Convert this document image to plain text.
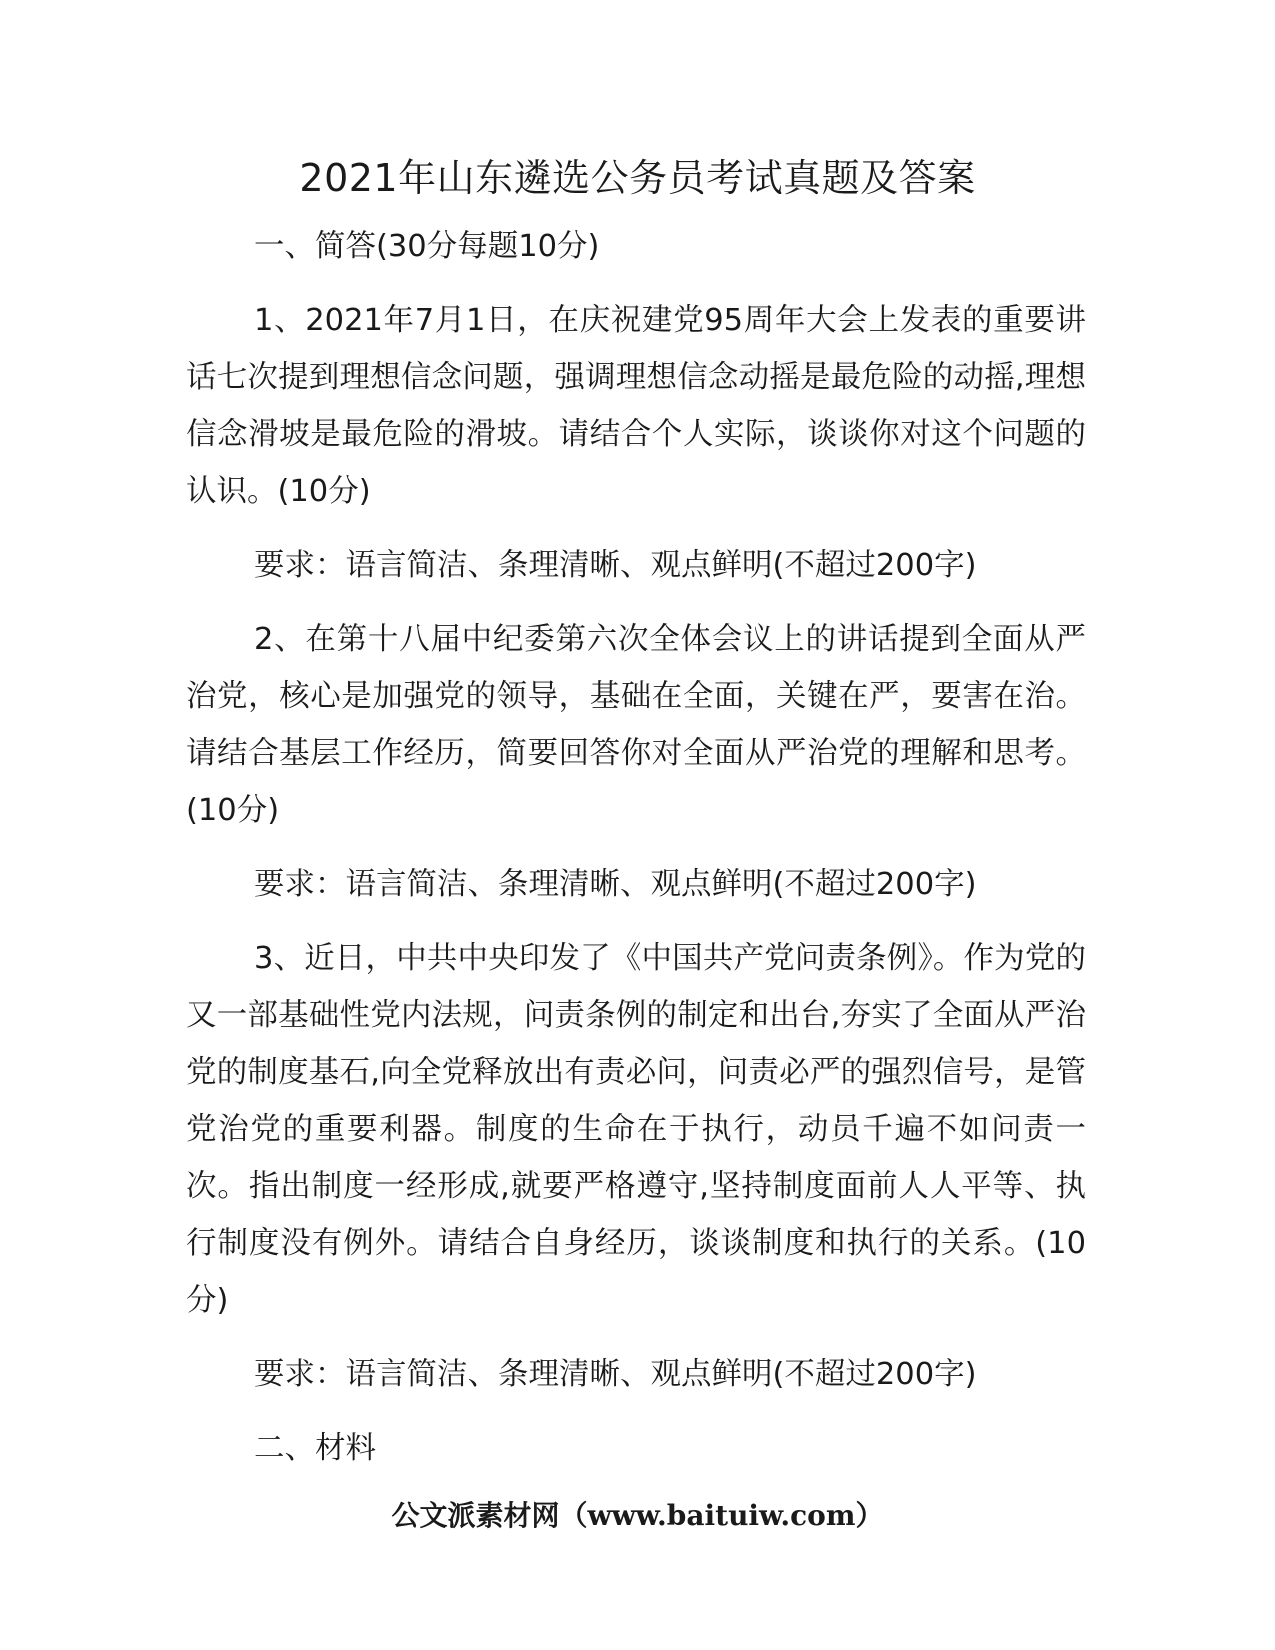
2021年山东遴选公务员考试真题及答案

一、简答(30分每题10分)

1、2021年7月1日，在庆祝建党95周年大会上发表的重要讲话七次提到理想信念问题，强调理想信念动摇是最危险的动摇,理想信念滑坡是最危险的滑坡。请结合个人实际，谈谈你对这个问题的认识。(10分)

要求：语言简洁、条理清晰、观点鲜明(不超过200字)

2、在第十八届中纪委第六次全体会议上的讲话提到全面从严治党，核心是加强党的领导，基础在全面，关键在严，要害在治。请结合基层工作经历，简要回答你对全面从严治党的理解和思考。(10分)

要求：语言简洁、条理清晰、观点鲜明(不超过200字)

3、近日，中共中央印发了《中国共产党问责条例》。作为党的又一部基础性党内法规，问责条例的制定和出台,夯实了全面从严治党的制度基石,向全党释放出有责必问，问责必严的强烈信号，是管党治党的重要利器。制度的生命在于执行，动员千遍不如问责一次。指出制度一经形成,就要严格遵守,坚持制度面前人人平等、执行制度没有例外。请结合自身经历，谈谈制度和执行的关系。(10分)

要求：语言简洁、条理清晰、观点鲜明(不超过200字)

二、材料

公文派素材网（www.baituiw.com）
